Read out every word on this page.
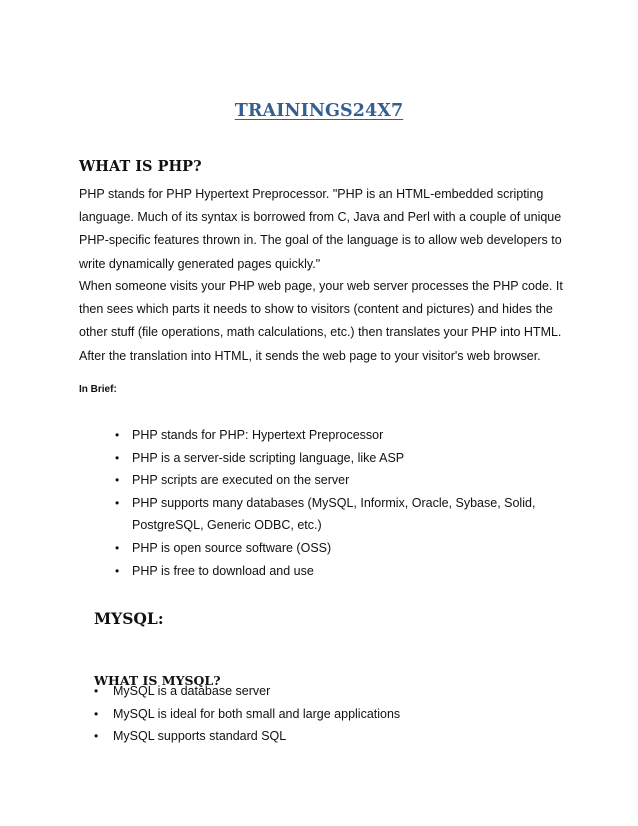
TRAININGS24X7
WHAT IS PHP?

PHP stands for PHP Hypertext Preprocessor. "PHP is an HTML-embedded scripting language. Much of its syntax is borrowed from C, Java and Perl with a couple of unique PHP-specific features thrown in. The goal of the language is to allow web developers to write dynamically generated pages quickly."

When someone visits your PHP web page, your web server processes the PHP code. It then sees which parts it needs to show to visitors (content and pictures) and hides the other stuff (file operations, math calculations, etc.) then translates your PHP into HTML. After the translation into HTML, it sends the web page to your visitor's web browser.

In Brief:

• PHP stands for PHP: Hypertext Preprocessor
• PHP is a server-side scripting language, like ASP
• PHP scripts are executed on the server
• PHP supports many databases (MySQL, Informix, Oracle, Sybase, Solid, PostgreSQL, Generic ODBC, etc.)
• PHP is open source software (OSS)
• PHP is free to download and use
MYSQL:
WHAT IS MYSQL?
• MySQL is a database server
• MySQL is ideal for both small and large applications
• MySQL supports standard SQL
